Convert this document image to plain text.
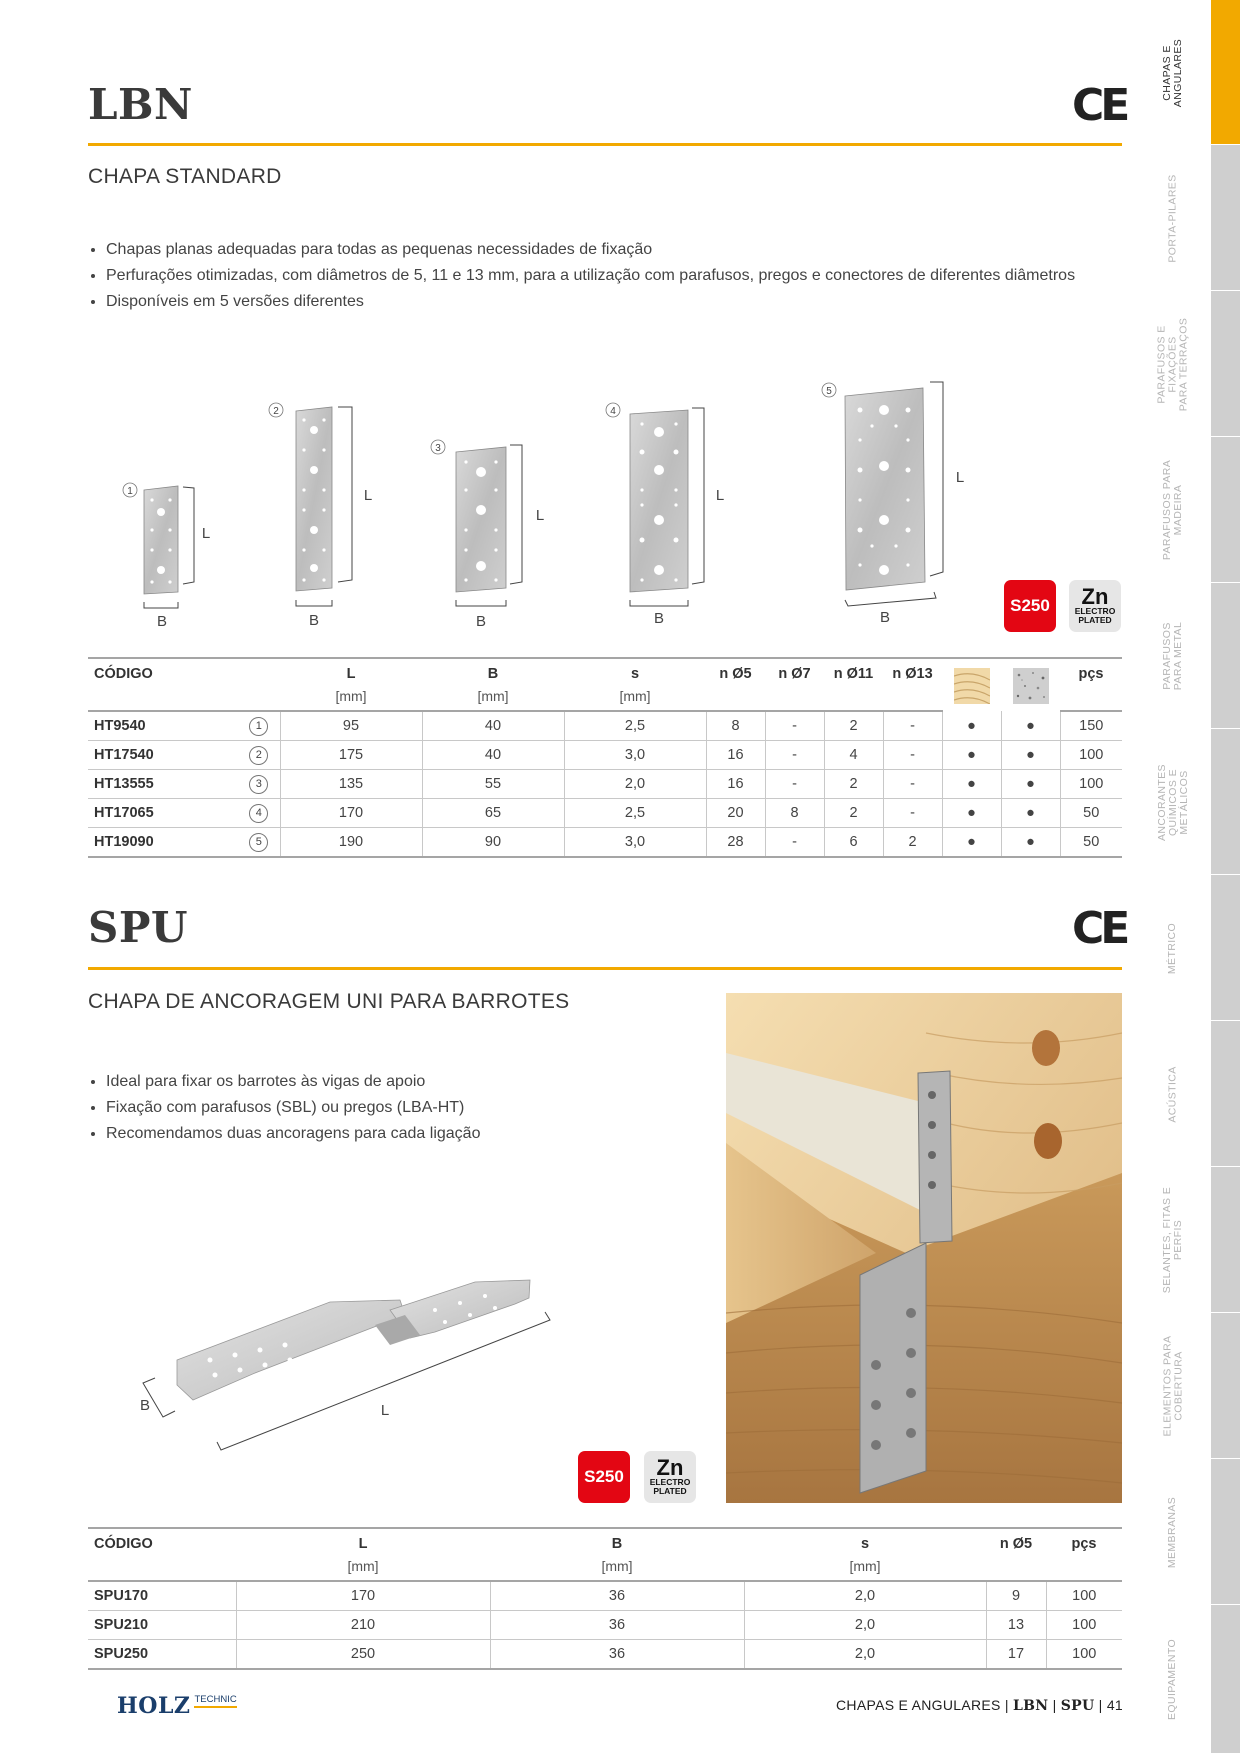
CHAPAS E
ANGULARES
PORTA-PILARES
PARAFUSOS E
FIXAÇÕES
PARA TERRAÇOS
PARAFUSOS PARA
MADEIRA
PARAFUSOS
PARA METAL
ANCORANTES
QUÍMICOS E
METÁLICOS
MÉTRICO
ACÚSTICA
SELANTES, FITAS E
PERFIS
ELEMENTOS PARA
COBERTURA
MEMBRANAS
EQUIPAMENTO
LBN	CE
CHAPA STANDARD
• Chapas planas adequadas para todas as pequenas necessidades de fixação
• Perfurações otimizadas, com diâmetros de 5, 11 e 13 mm, para a utilização com parafusos, pregos e conectores de diferentes diâmetros
• Disponíveis em 5 versões diferentes
1
L
B
2
L
B
3
L
B
4
L
B
5
L
B
S250 Zn
ELECTRO
PLATED
CÓDIGO		L	B	s	n Ø5	n Ø7	n Ø11	n Ø13			pçs
		[mm]	[mm]	[mm]							
HT9540	1	95	40	2,5	8	-	2	-	●	●	150
HT17540	2	175	40	3,0	16	-	4	-	●	●	100
HT13555	3	135	55	2,0	16	-	2	-	●	●	100
HT17065	4	170	65	2,5	20	8	2	-	●	●	50
HT19090	5	190	90	3,0	28	-	6	2	●	●	50
SPU	CE
CHAPA DE ANCORAGEM UNI PARA BARROTES
• Ideal para fixar os barrotes às vigas de apoio
• Fixação com parafusos (SBL) ou pregos (LBA-HT)
• Recomendamos duas ancoragens para cada ligação
B	L
S250 Zn
ELECTRO
PLATED
CÓDIGO	L	B	s	n Ø5	pçs
	[mm]	[mm]	[mm]		
SPU170	170	36	2,0	9	100
SPU210	210	36	2,0	13	100
SPU250	250	36	2,0	17	100
HOLZ TECHNIC	CHAPAS E ANGULARES | LBN | SPU | 41
